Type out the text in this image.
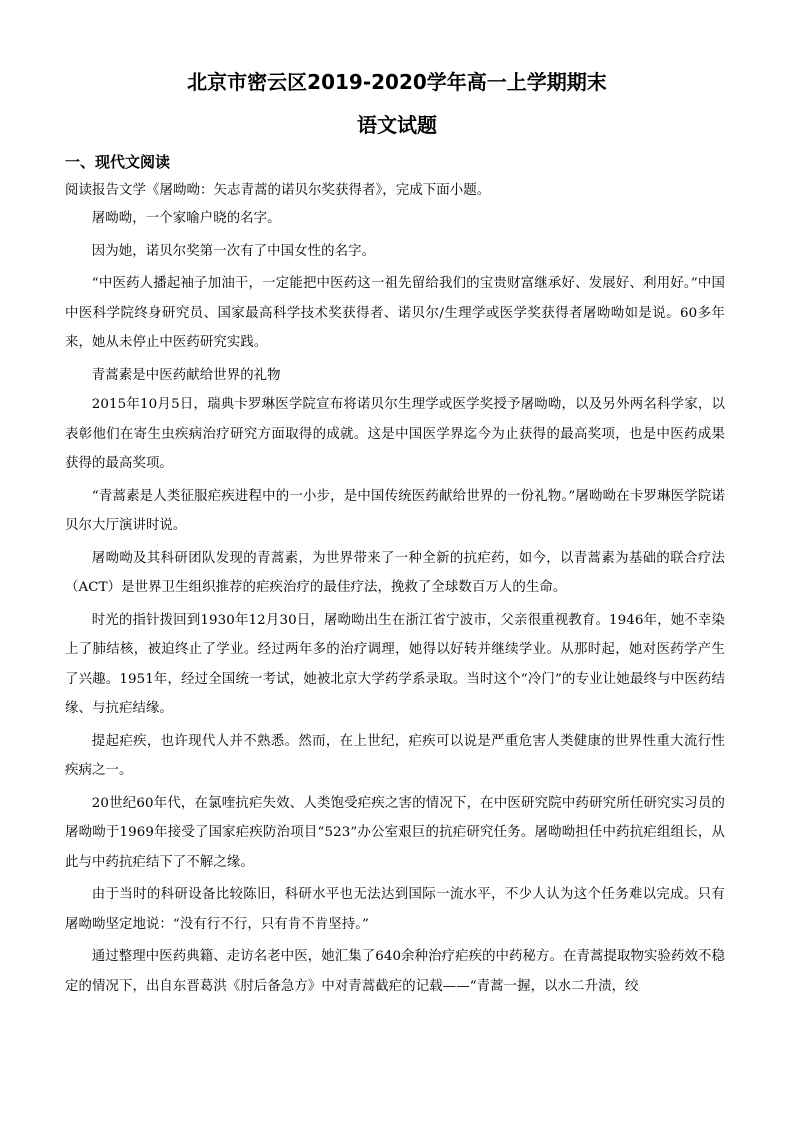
北京市密云区2019-2020学年高一上学期期末
语文试题
一、现代文阅读

阅读报告文学《屠呦呦：矢志青蒿的诺贝尔奖获得者》，完成下面小题。

屠呦呦，一个家喻户晓的名字。

因为她，诺贝尔奖第一次有了中国女性的名字。

“中医药人播起袖子加油干，一定能把中医药这一祖先留给我们的宝贵财富继承好、发展好、利用好。”中国中医科学院终身研究员、国家最高科学技术奖获得者、诺贝尔/生理学或医学奖获得者屠呦呦如是说。60多年来，她从未停止中医药研究实践。

青蒿素是中医药献给世界的礼物

2015年10月5日，瑞典卡罗琳医学院宣布将诺贝尔生理学或医学奖授予屠呦呦，以及另外两名科学家，以表彰他们在寄生虫疾病治疗研究方面取得的成就。这是中国医学界迄今为止获得的最高奖项，也是中医药成果获得的最高奖项。

“青蒿素是人类征服疟疾进程中的一小步，是中国传统医药献给世界的一份礼物。”屠呦呦在卡罗琳医学院诺贝尔大厅演讲时说。

屠呦呦及其科研团队发现的青蒿素，为世界带来了一种全新的抗疟药，如今，以青蒿素为基础的联合疗法（ACT）是世界卫生组织推荐的疟疾治疗的最佳疗法，挽救了全球数百万人的生命。

时光的指针拨回到1930年12月30日，屠呦呦出生在浙江省宁波市，父亲很重视教育。1946年，她不幸染上了肺结核，被迫终止了学业。经过两年多的治疗调理，她得以好转并继续学业。从那时起，她对医药学产生了兴趣。1951年，经过全国统一考试，她被北京大学药学系录取。当时这个“冷门”的专业让她最终与中医药结缘、与抗疟结缘。

提起疟疾，也许现代人并不熟悉。然而，在上世纪，疟疾可以说是严重危害人类健康的世界性重大流行性疾病之一。

20世纪60年代，在氯喹抗疟失效、人类饱受疟疾之害的情况下，在中医研究院中药研究所任研究实习员的屠呦呦于1969年接受了国家疟疾防治项目“523”办公室艰巨的抗疟研究任务。屠呦呦担任中药抗疟组组长，从此与中药抗疟结下了不解之缘。

由于当时的科研设备比较陈旧，科研水平也无法达到国际一流水平，不少人认为这个任务难以完成。只有屠呦呦坚定地说：“没有行不行，只有肯不肯坚持。”

通过整理中医药典籍、走访名老中医，她汇集了640余种治疗疟疾的中药秘方。在青蒿提取物实验药效不稳定的情况下，出自东晋葛洪《肘后备急方》中对青蒿截疟的记载——“青蒿一握，以水二升渍，绞
